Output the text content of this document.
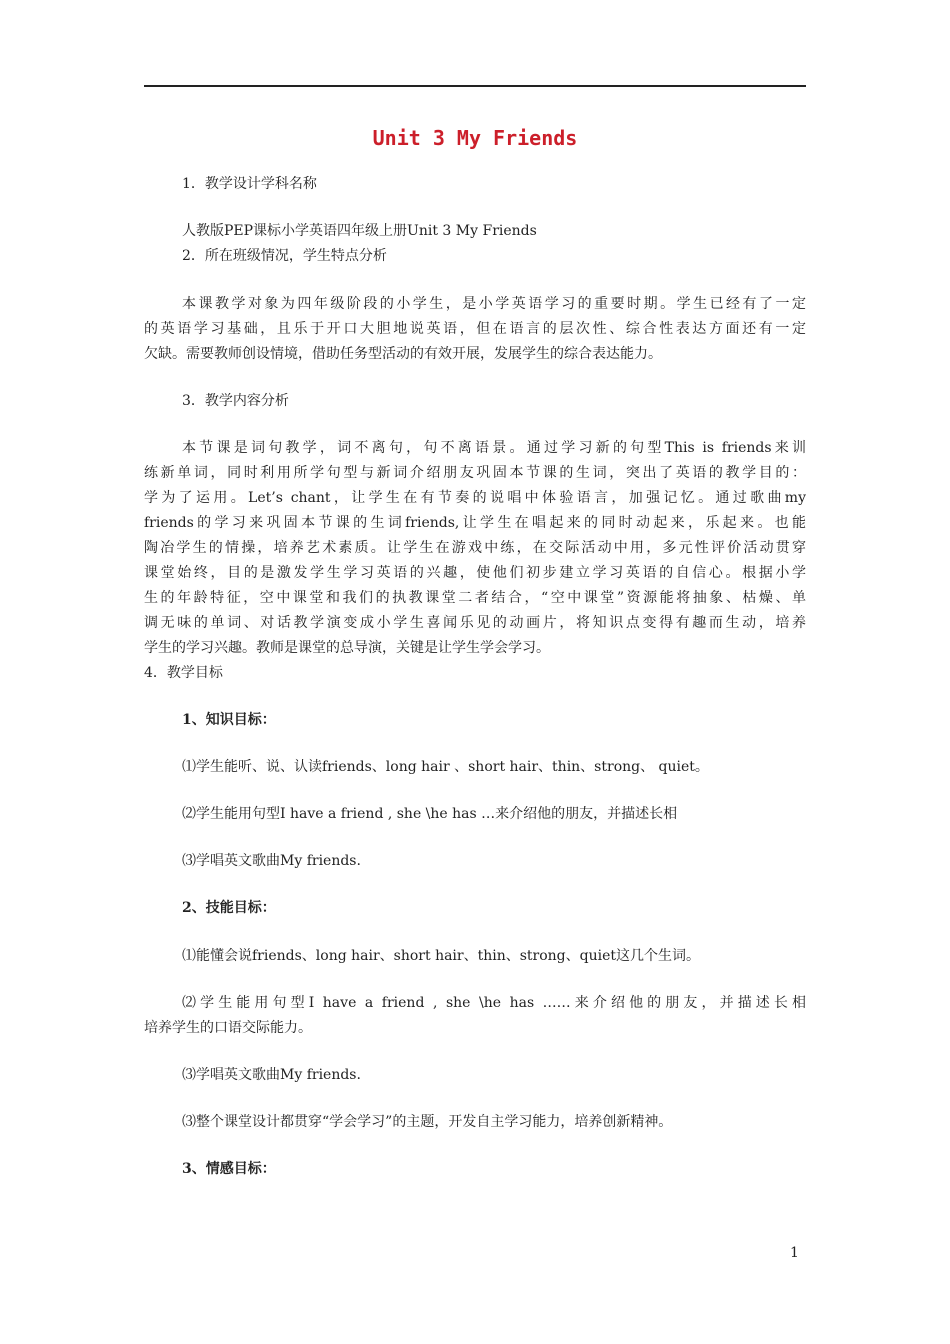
Unit 3 My Friends
1．教学设计学科名称
人教版PEP课标小学英语四年级上册Unit 3 My Friends
2．所在班级情况，学生特点分析
本课教学对象为四年级阶段的小学生，是小学英语学习的重要时期。学生已经有了一定
的英语学习基础，且乐于开口大胆地说英语，但在语言的层次性、综合性表达方面还有一定
欠缺。需要教师创设情境，借助任务型活动的有效开展，发展学生的综合表达能力。
3．教学内容分析
本节课是词句教学，词不离句，句不离语景。通过学习新的句型This is friends来训
练新单词，同时利用所学句型与新词介绍朋友巩固本节课的生词，突出了英语的教学目的：
学为了运用。Let’s chant，让学生在有节奏的说唱中体验语言，加强记忆。通过歌曲my
friends的学习来巩固本节课的生词friends,让学生在唱起来的同时动起来，乐起来。也能
陶冶学生的情操，培养艺术素质。让学生在游戏中练，在交际活动中用，多元性评价活动贯穿
课堂始终，目的是激发学生学习英语的兴趣，使他们初步建立学习英语的自信心。根据小学
生的年龄特征，空中课堂和我们的执教课堂二者结合，“空中课堂”资源能将抽象、枯燥、单
调无味的单词、对话教学演变成小学生喜闻乐见的动画片，将知识点变得有趣而生动，培养
学生的学习兴趣。教师是课堂的总导演，关键是让学生学会学习。
4．教学目标
1、知识目标：
⑴学生能听、说、认读friends、long hair 、short hair、thin、strong、 quiet。
⑵学生能用句型I have a friend , she \he has …来介绍他的朋友，并描述长相
⑶学唱英文歌曲My friends.
2、技能目标：
⑴能懂会说friends、long hair、short hair、thin、strong、quiet这几个生词。
⑵学生能用句型I have a friend , she \he has ……来介绍他的朋友，并描述长相
培养学生的口语交际能力。
⑶学唱英文歌曲My friends.
⑶整个课堂设计都贯穿“学会学习”的主题，开发自主学习能力，培养创新精神。
3、情感目标：
1
